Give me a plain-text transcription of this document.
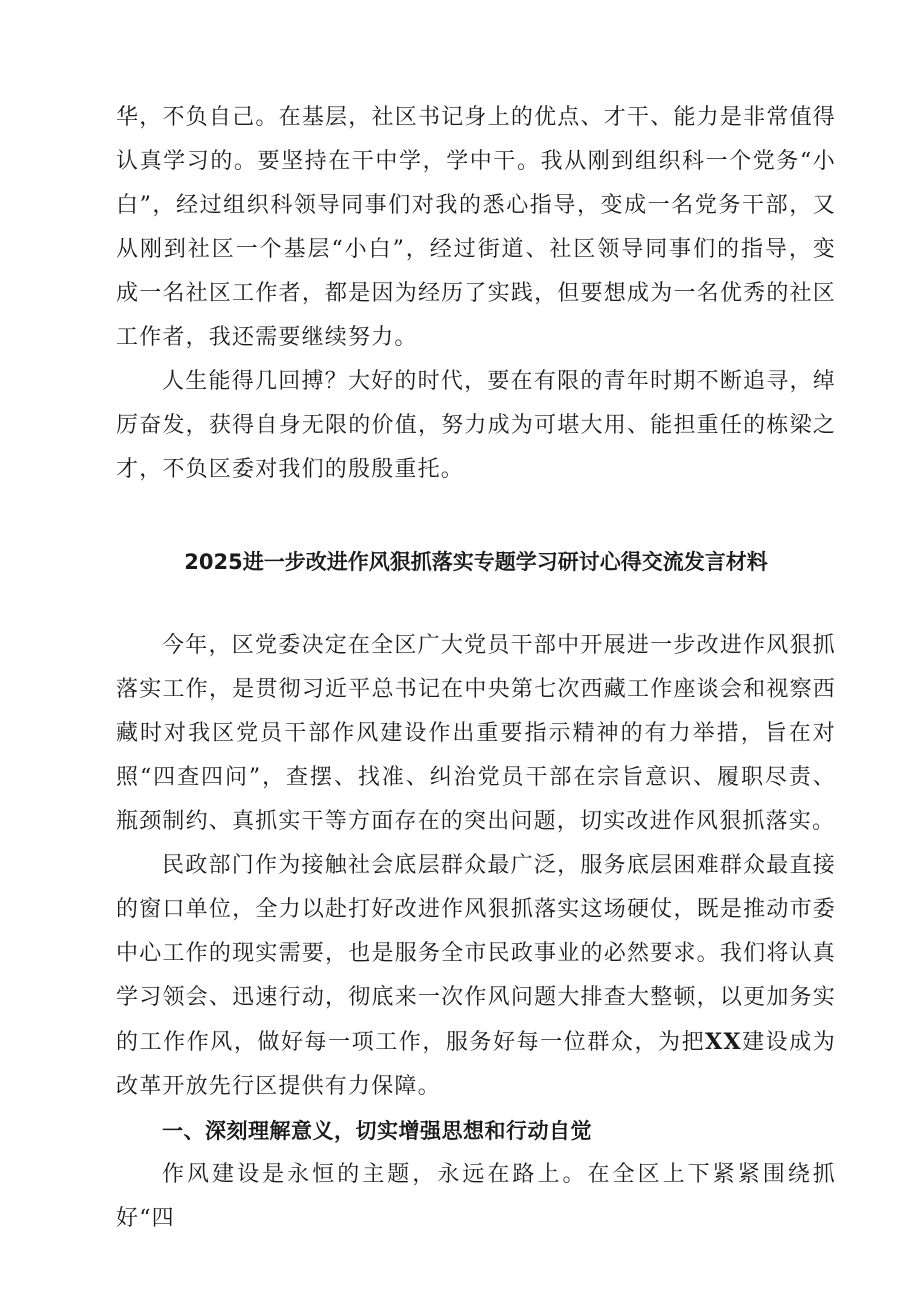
华，不负自己。在基层，社区书记身上的优点、才干、能力是非常值得认真学习的。要坚持在干中学，学中干。我从刚到组织科一个党务“小白”，经过组织科领导同事们对我的悉心指导，变成一名党务干部，又从刚到社区一个基层“小白”，经过街道、社区领导同事们的指导，变成一名社区工作者，都是因为经历了实践，但要想成为一名优秀的社区工作者，我还需要继续努力。

人生能得几回搏？大好的时代，要在有限的青年时期不断追寻，绰厉奋发，获得自身无限的价值，努力成为可堪大用、能担重任的栋梁之才，不负区委对我们的殷殷重托。

2025进一步改进作风狠抓落实专题学习研讨心得交流发言材料

今年，区党委决定在全区广大党员干部中开展进一步改进作风狠抓落实工作，是贯彻习近平总书记在中央第七次西藏工作座谈会和视察西藏时对我区党员干部作风建设作出重要指示精神的有力举措，旨在对照“四查四问”，查摆、找准、纠治党员干部在宗旨意识、履职尽责、瓶颈制约、真抓实干等方面存在的突出问题，切实改进作风狠抓落实。

民政部门作为接触社会底层群众最广泛，服务底层困难群众最直接的窗口单位，全力以赴打好改进作风狠抓落实这场硬仗，既是推动市委中心工作的现实需要，也是服务全市民政事业的必然要求。我们将认真学习领会、迅速行动，彻底来一次作风问题大排查大整顿，以更加务实的工作作风，做好每一项工作，服务好每一位群众，为把XX建设成为改革开放先行区提供有力保障。

一、深刻理解意义，切实增强思想和行动自觉

作风建设是永恒的主题，永远在路上。在全区上下紧紧围绕抓好“四
